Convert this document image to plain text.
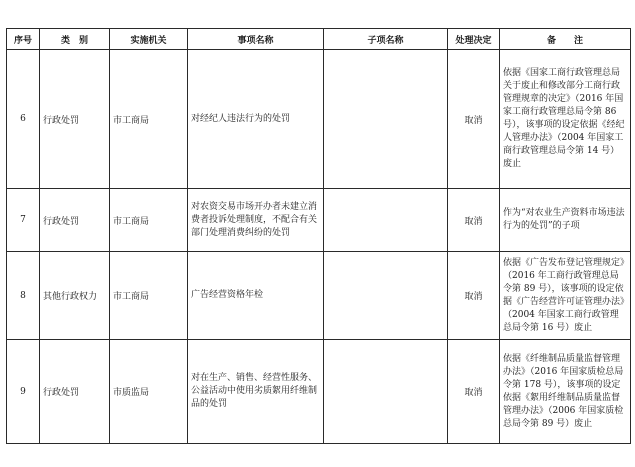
序号	类　别	实施机关	事项名称	子项名称	处理决定	备　　注
6	行政处罚	市工商局	对经纪人违法行为的处罚		取消	依据《国家工商行政管理总局关于废止和修改部分工商行政管理规章的决定》（2016 年国家工商行政管理总局令第 86 号），该事项的设定依据《经纪人管理办法》（2004 年国家工商行政管理总局令第 14 号）废止
7	行政处罚	市工商局	对农资交易市场开办者未建立消费者投诉处理制度，不配合有关部门处理消费纠纷的处罚		取消	作为“对农业生产资料市场违法行为的处罚”的子项
8	其他行政权力	市工商局	广告经营资格年检		取消	依据《广告发布登记管理规定》（2016 年工商行政管理总局令第 89 号），该事项的设定依据《广告经营许可证管理办法》（2004 年国家工商行政管理总局令第 16 号）废止
9	行政处罚	市质监局	对在生产、销售、经营性服务、公益活动中使用劣质絮用纤维制品的处罚		取消	依据《纤维制品质量监督管理办法》（2016 年国家质检总局令第 178 号），该事项的设定依据《絮用纤维制品质量监督管理办法》（2006 年国家质检总局令第 89 号）废止
